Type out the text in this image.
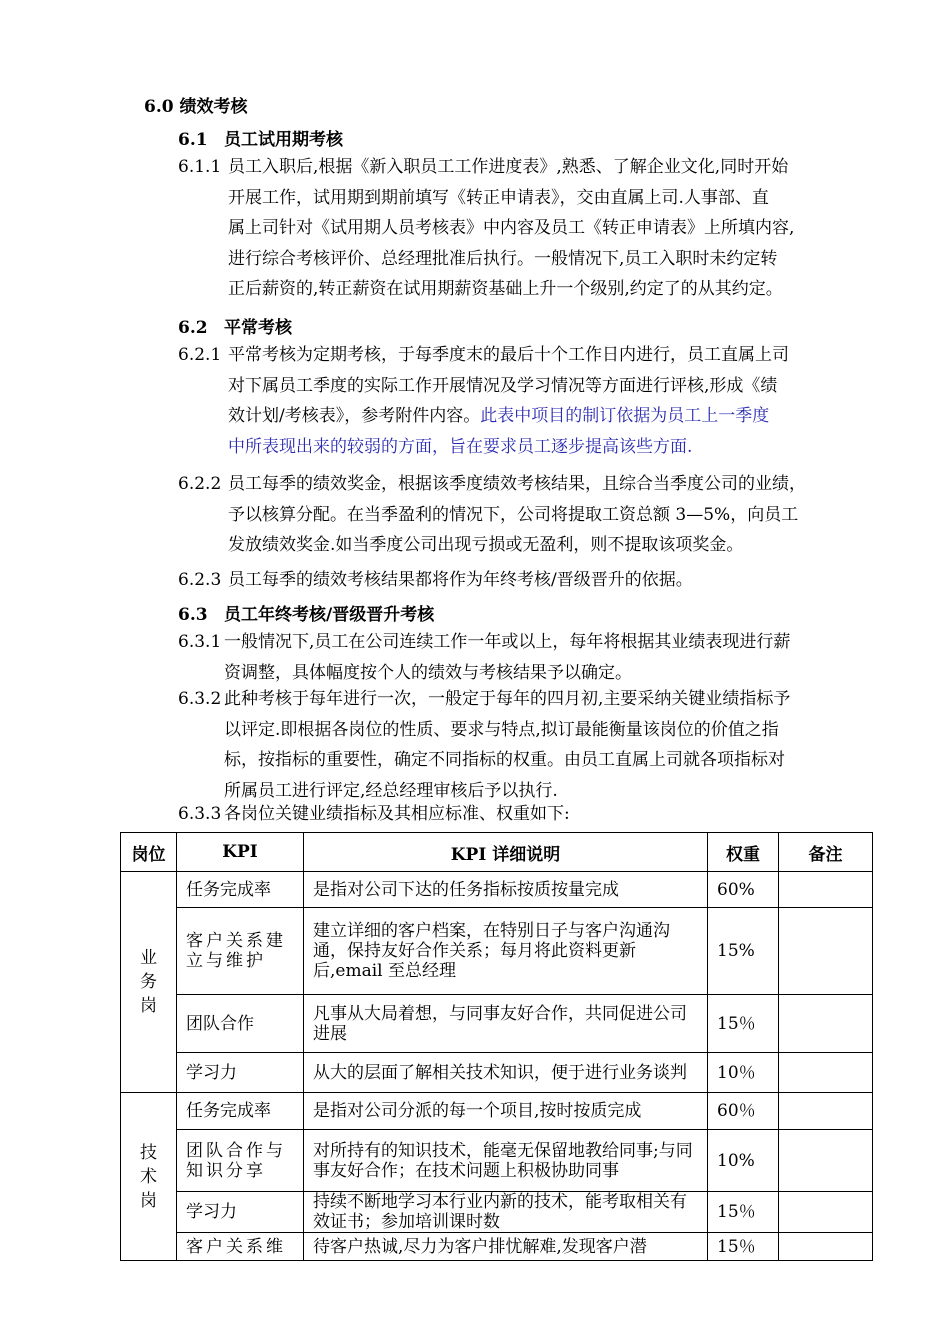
6.0 绩效考核
6.1 员工试用期考核
6.1.1 员工入职后,根据《新入职员工工作进度表》,熟悉、了解企业文化,同时开始
开展工作，试用期到期前填写《转正申请表》，交由直属上司.人事部、直
属上司针对《试用期人员考核表》中内容及员工《转正申请表》上所填内容,
进行综合考核评价、总经理批准后执行。一般情况下,员工入职时未约定转
正后薪资的,转正薪资在试用期薪资基础上升一个级别,约定了的从其约定。
6.2 平常考核
6.2.1 平常考核为定期考核，于每季度末的最后十个工作日内进行，员工直属上司
对下属员工季度的实际工作开展情况及学习情况等方面进行评核,形成《绩
效计划/考核表》，参考附件内容。此表中项目的制订依据为员工上一季度
中所表现出来的较弱的方面，旨在要求员工逐步提高该些方面.
6.2.2 员工每季的绩效奖金，根据该季度绩效考核结果，且综合当季度公司的业绩，
予以核算分配。在当季盈利的情况下，公司将提取工资总额 3—5%，向员工
发放绩效奖金.如当季度公司出现亏损或无盈利，则不提取该项奖金。
6.2.3 员工每季的绩效考核结果都将作为年终考核/晋级晋升的依据。
6.3 员工年终考核/晋级晋升考核
6.3.1 一般情况下,员工在公司连续工作一年或以上，每年将根据其业绩表现进行薪
资调整，具体幅度按个人的绩效与考核结果予以确定。
6.3.2 此种考核于每年进行一次，一般定于每年的四月初,主要采纳关键业绩指标予
以评定.即根据各岗位的性质、要求与特点,拟订最能衡量该岗位的价值之指
标，按指标的重要性，确定不同指标的权重。由员工直属上司就各项指标对
所属员工进行评定,经总经理审核后予以执行.
6.3.3 各岗位关键业绩指标及其相应标准、权重如下:
岗位	KPI	KPI 详细说明	权重	备注

业
务
岗	任务完成率	是指对公司下达的任务指标按质按量完成	60%	
	客户关系建立与维护	建立详细的客户档案，在特别日子与客户沟通沟通，保持友好合作关系；每月将此资料更新后,email 至总经理	15%	
	团队合作	凡事从大局着想，与同事友好合作，共同促进公司进展	15％	
	学习力	从大的层面了解相关技术知识，便于进行业务谈判	10％	

技
术
岗	任务完成率	是指对公司分派的每一个项目,按时按质完成	60％	
	团队合作与知识分享	对所持有的知识技术，能毫无保留地教给同事;与同事友好合作；在技术问题上积极协助同事	10%	
	学习力	持续不断地学习本行业内新的技术，能考取相关有效证书；参加培训课时数	15％	
	客户关系维	待客户热诚,尽力为客户排忧解难,发现客户潜	15％	
